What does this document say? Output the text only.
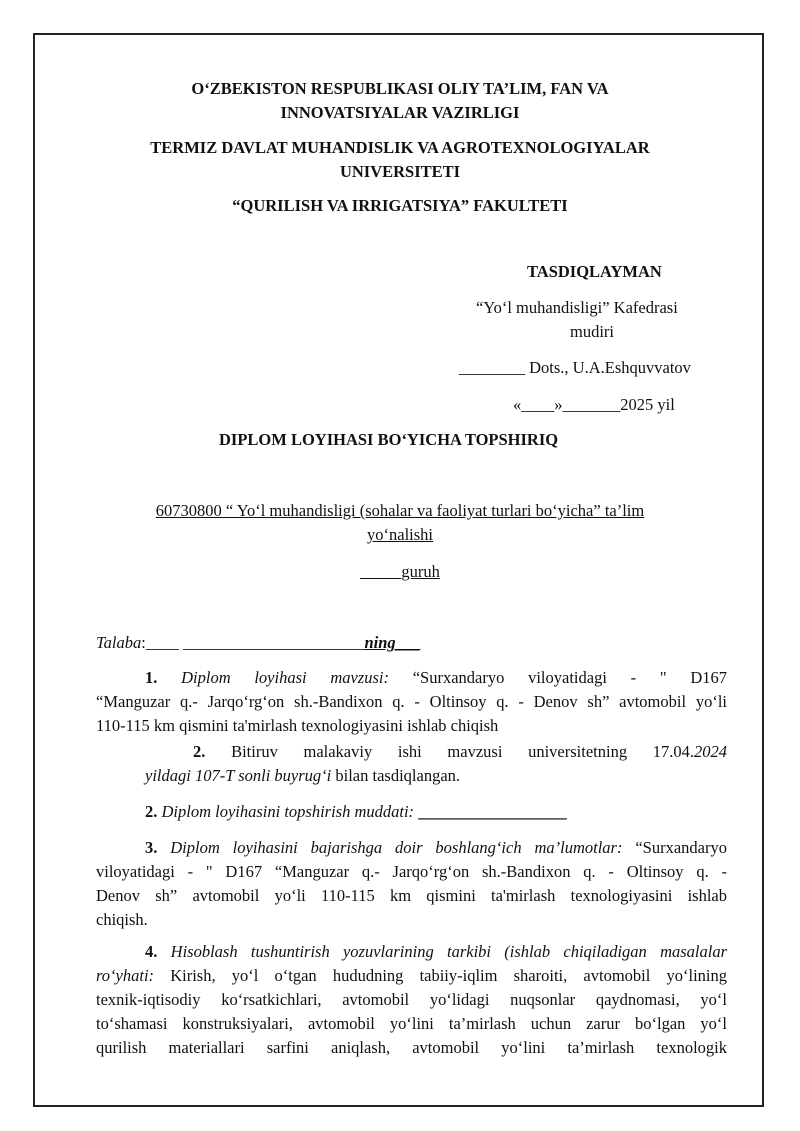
O‘ZBEKISTON RESPUBLIKASI OLIY TA’LIM, FAN VA
INNOVATSIYALAR VAZIRLIGI
TERMIZ DAVLAT MUHANDISLIK VA AGROTEXNOLOGIYALAR
UNIVERSITETI
“QURILISH VA IRRIGATSIYA” FAKULTETI
TASDIQLAYMAN
“Yo‘l muhandisligi” Kafedrasi
mudiri
________ Dots., U.A.Eshquvvatov
«____»_______2025 yil
DIPLOM LOYIHASI BO‘YICHA TOPSHIRIQ
60730800 “ Yo‘l muhandisligi (sohalar va faoliyat turlari bo‘yicha” ta’lim
yo‘nalishi
_____guruh
Talaba:____ ______________________ning___
1. Diplom loyihasi mavzusi: “Surxandaryo viloyatidagi - " D167
“Manguzar q.- Jarqo‘rg‘on sh.-Bandixon q. - Oltinsoy q. - Denov sh” avtomobil yo‘li
110-115 km qismini ta'mirlash texnologiyasini ishlab chiqish
2. Bitiruv malakaviy ishi mavzusi universitetning 17.04.2024
yildagi 107-T sonli buyrug‘i bilan tasdiqlangan.
2. Diplom loyihasini topshirish muddati: __________________
3. Diplom loyihasini bajarishga doir boshlang‘ich ma’lumotlar: “Surxandaryo
viloyatidagi - " D167 “Manguzar q.- Jarqo‘rg‘on sh.-Bandixon q. - Oltinsoy q. -
Denov sh” avtomobil yo‘li 110-115 km qismini ta'mirlash texnologiyasini ishlab
chiqish.
4. Hisoblash tushuntirish yozuvlarining tarkibi (ishlab chiqiladigan masalalar
ro‘yhati: Kirish, yo‘l o‘tgan hududning tabiiy-iqlim sharoiti, avtomobil yo‘lining
texnik-iqtisodiy ko‘rsatkichlari, avtomobil yo‘lidagi nuqsonlar qaydnomasi, yo‘l
to‘shamasi konstruksiyalari, avtomobil yo‘lini ta’mirlash uchun zarur bo‘lgan yo‘l
qurilish materiallari sarfini aniqlash, avtomobil yo‘lini ta’mirlash texnologik
